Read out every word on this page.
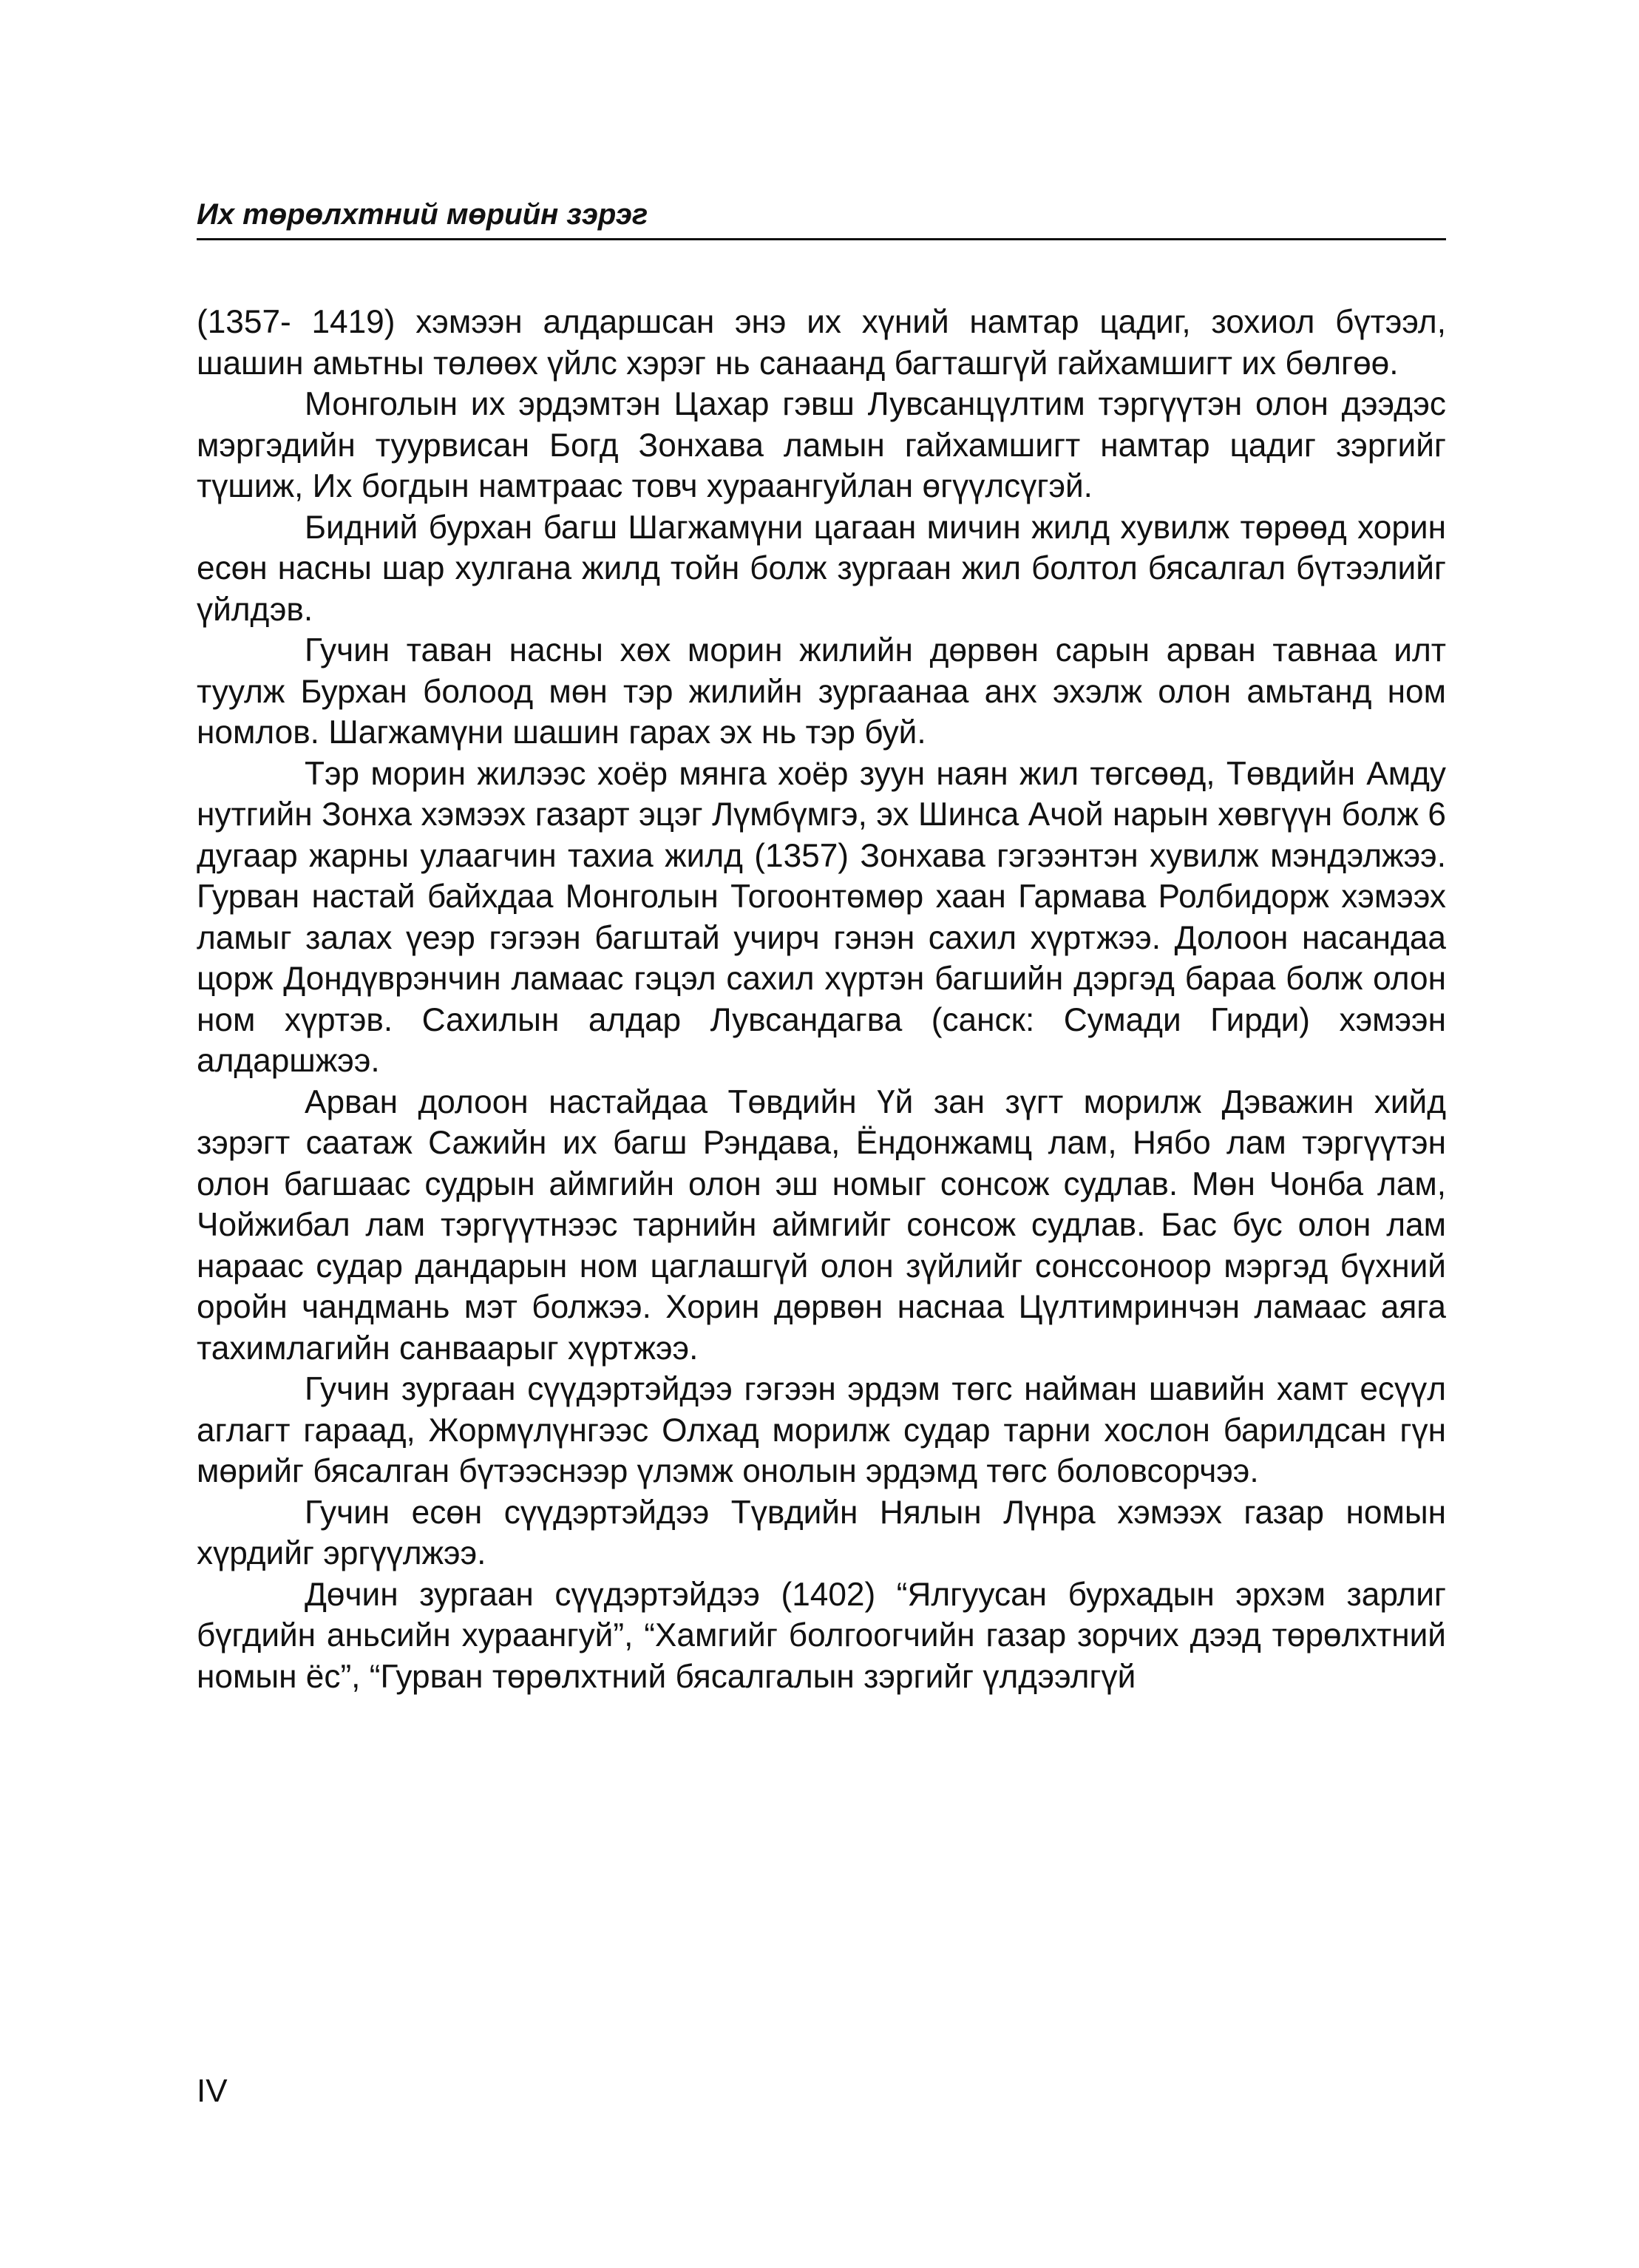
Их төрөлхтний мөрийн зэрэг

(1357- 1419) хэмээн алдаршсан энэ их хүний намтар цадиг, зохиол бүтээл, шашин амьтны төлөөх үйлс хэрэг нь санаанд багташгүй гайхамшигт их бөлгөө.

Монголын их эрдэмтэн Цахар гэвш Лувсанцүлтим тэргүүтэн олон дээдэс мэргэдийн туурвисан Богд Зонхава ламын гайхамшигт намтар цадиг зэргийг түшиж, Их богдын намтраас товч хураангуйлан өгүүлсүгэй.

Бидний бурхан багш Шагжамүни цагаан мичин жилд хувилж төрөөд хорин есөн насны шар хулгана жилд тойн болж зургаан жил болтол бясалгал бүтээлийг үйлдэв.

Гучин таван насны хөх морин жилийн дөрвөн сарын арван тавнаа илт туулж Бурхан болоод мөн тэр жилийн зургаанаа анх эхэлж олон амьтанд ном номлов. Шагжамүни шашин гарах эх нь тэр буй.

Тэр морин жилээс хоёр мянга хоёр зуун наян жил төгсөөд, Төвдийн Амду нутгийн Зонха хэмээх газарт эцэг Лүмбүмгэ, эх Шинса Ачой нарын хөвгүүн болж 6 дугаар жарны улаагчин тахиа жилд (1357) Зонхава гэгээнтэн хувилж мэндэлжээ. Гурван настай байхдаа Монголын Тогоонтөмөр хаан Гармава Ролбидорж хэмээх ламыг залах үеэр гэгээн багштай учирч гэнэн сахил хүртжээ. Долоон насандаа цорж Дондүврэнчин ламаас гэцэл сахил хүртэн багшийн дэргэд бараа болж олон ном хүртэв. Сахилын алдар Лувсандагва (санск: Сумади Гирди) хэмээн алдаршжээ.

Арван долоон настайдаа Төвдийн Үй зан зүгт морилж Дэважин хийд зэрэгт саатаж Сажийн их багш Рэндава, Ёндонжамц лам, Нябо лам тэргүүтэн олон багшаас судрын аймгийн олон эш номыг сонсож судлав. Мөн Чонба лам, Чойжибал лам тэргүүтнээс тарнийн аймгийг сонсож судлав. Бас бус олон лам нараас судар дандарын ном цаглашгүй олон зүйлийг сонссоноор мэргэд бүхний оройн чандмань мэт болжээ. Хорин дөрвөн наснаа Цүлтимринчэн ламаас аяга тахимлагийн санваарыг хүртжээ.

Гучин зургаан сүүдэртэйдээ гэгээн эрдэм төгс найман шавийн хамт есүүл аглагт гараад, Жормүлүнгээс Олхад морилж судар тарни хослон барилдсан гүн мөрийг бясалган бүтээснээр үлэмж онолын эрдэмд төгс боловсорчээ.

Гучин есөн сүүдэртэйдээ Түвдийн Нялын Лүнра хэмээх газар номын хүрдийг эргүүлжээ.

Дөчин зургаан сүүдэртэйдээ (1402) “Ялгуусан бурхадын эрхэм зарлиг бүгдийн аньсийн хураангуй”, “Хамгийг болгоогчийн газар зорчих дээд төрөлхтний номын ёс”, “Гурван төрөлхтний бясалгалын зэргийг үлдээлгүй

IV
